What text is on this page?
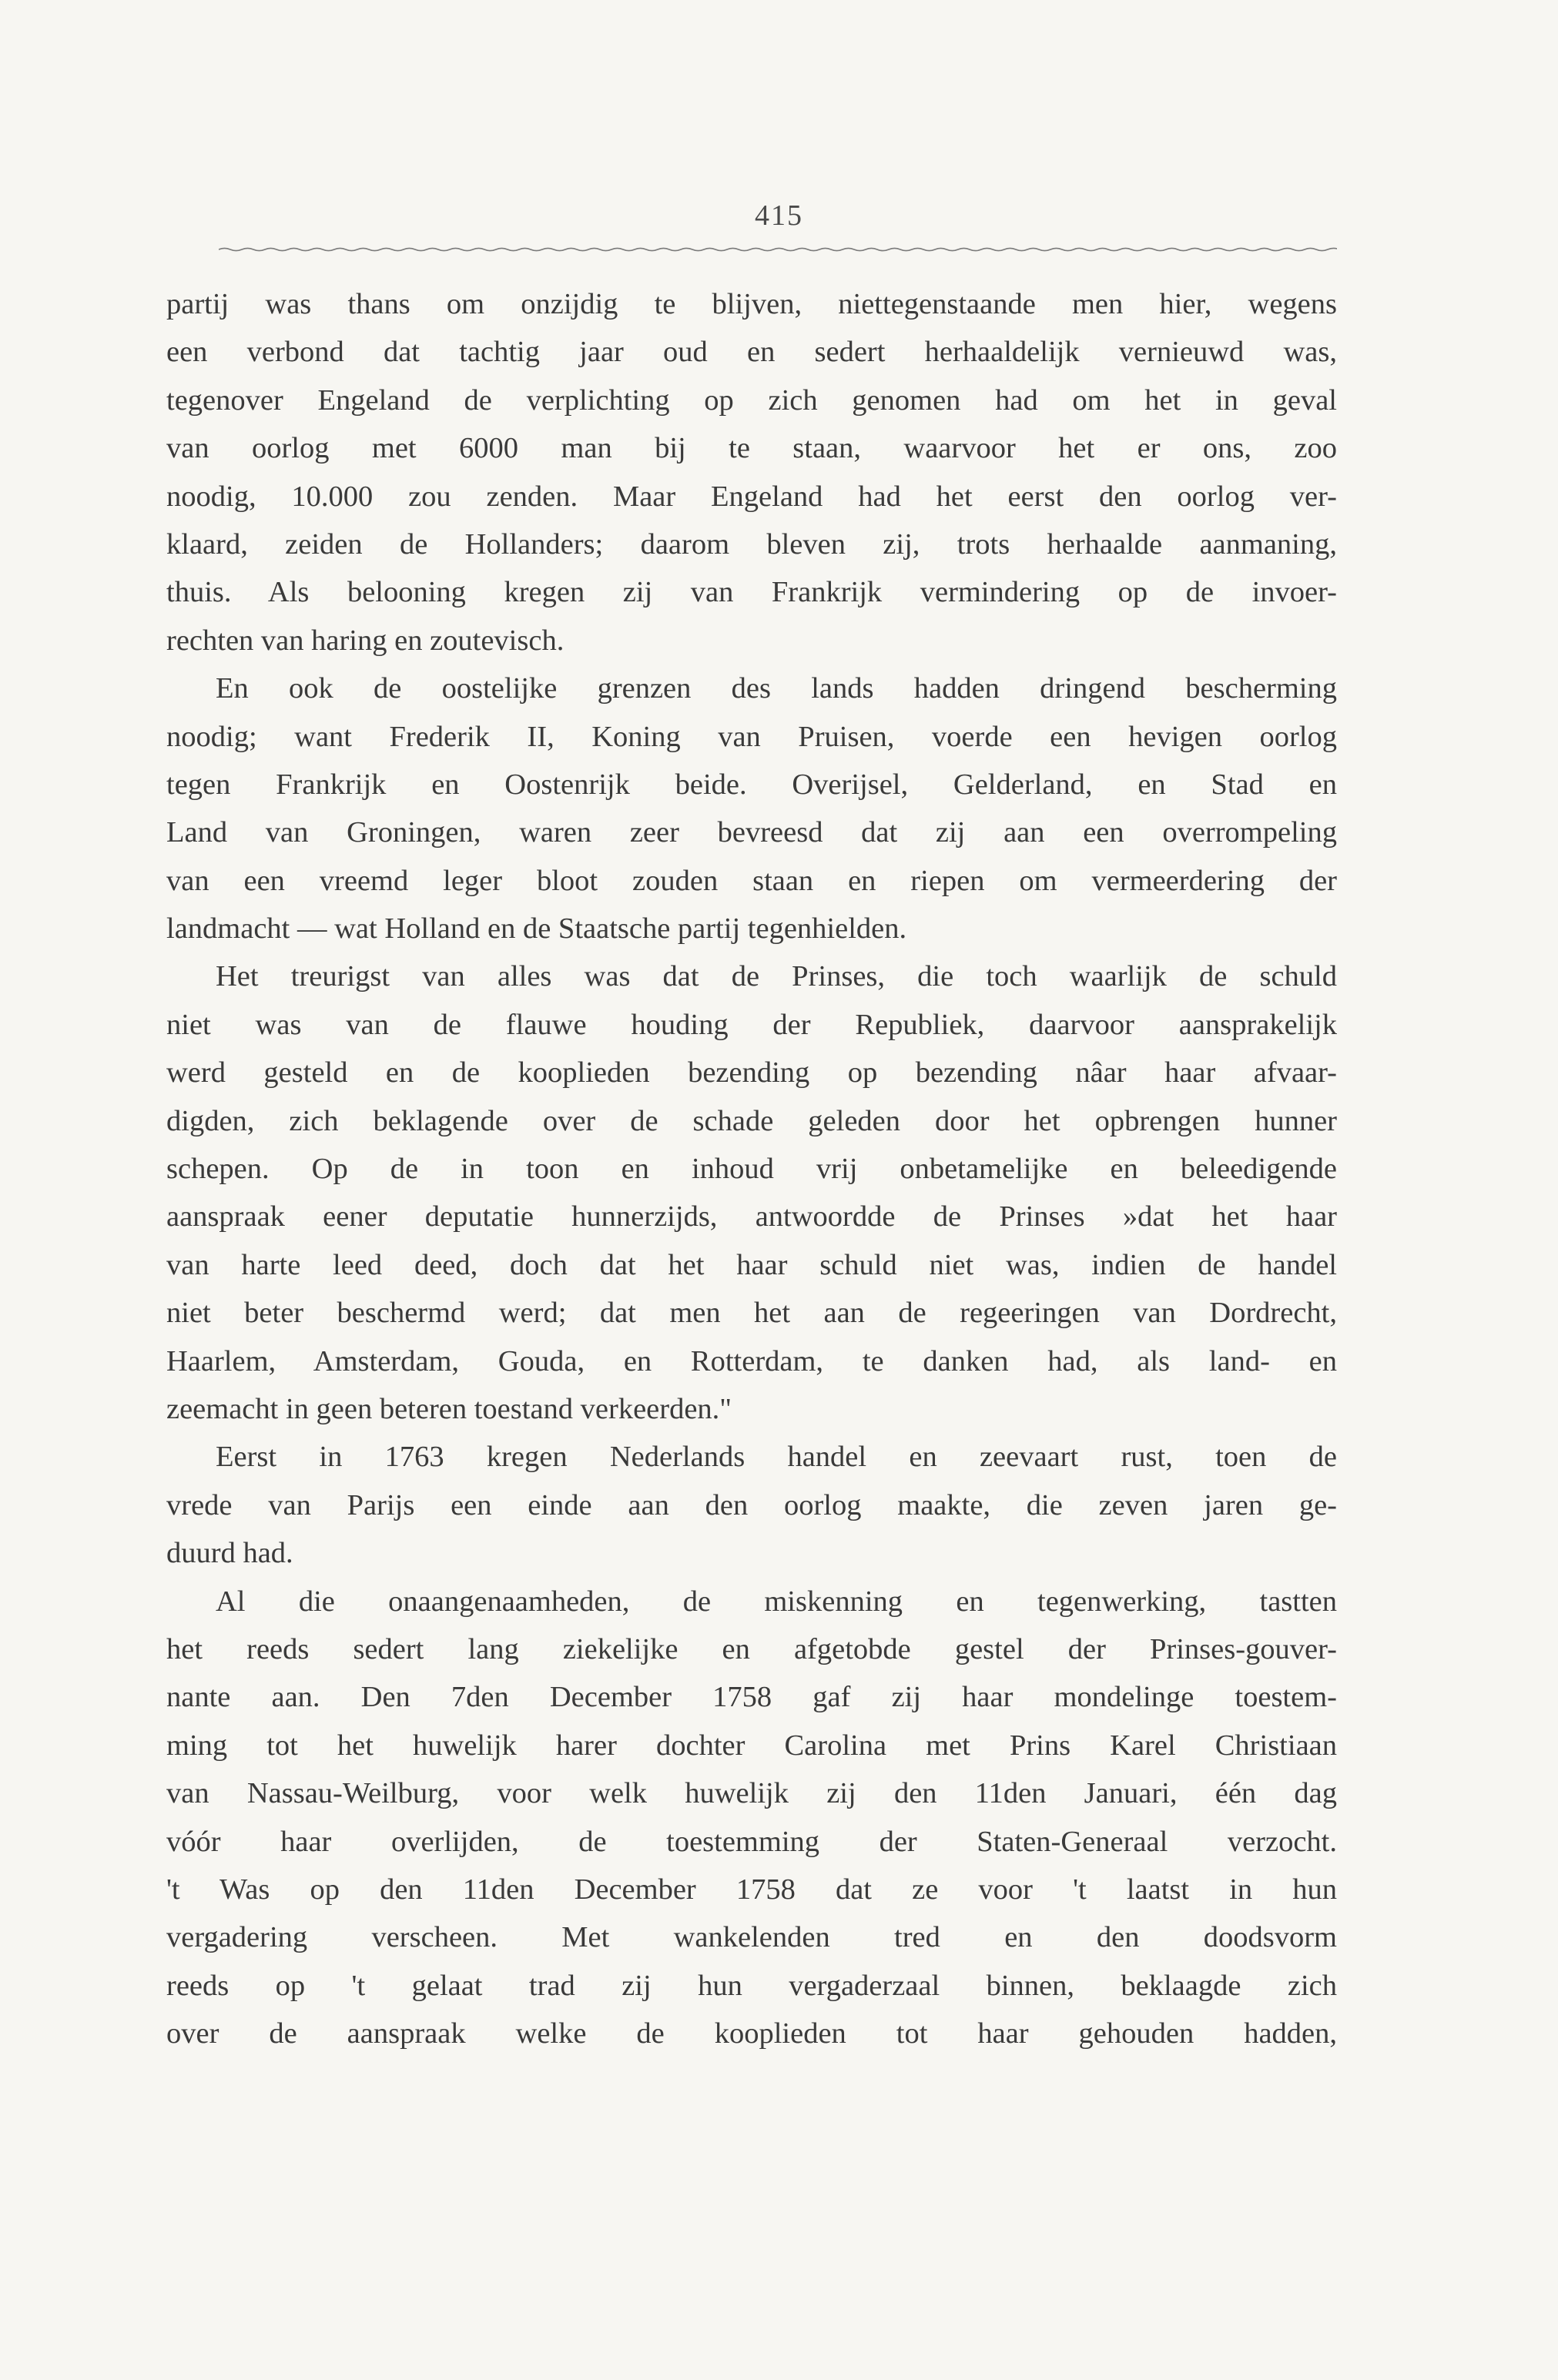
415
partij was thans om onzijdig te blijven, niettegenstaande men hier, wegens
een verbond dat tachtig jaar oud en sedert herhaaldelijk vernieuwd was,
tegenover Engeland de verplichting op zich genomen had om het in geval
van oorlog met 6000 man bij te staan, waarvoor het er ons, zoo
noodig, 10.000 zou zenden. Maar Engeland had het eerst den oorlog ver-
klaard, zeiden de Hollanders; daarom bleven zij, trots herhaalde aanmaning,
thuis. Als belooning kregen zij van Frankrijk vermindering op de invoer-
rechten van haring en zoutevisch.
En ook de oostelijke grenzen des lands hadden dringend bescherming
noodig; want Frederik II, Koning van Pruisen, voerde een hevigen oorlog
tegen Frankrijk en Oostenrijk beide. Overijsel, Gelderland, en Stad en
Land van Groningen, waren zeer bevreesd dat zij aan een overrompeling
van een vreemd leger bloot zouden staan en riepen om vermeerdering der
landmacht — wat Holland en de Staatsche partij tegenhielden.
Het treurigst van alles was dat de Prinses, die toch waarlijk de schuld
niet was van de flauwe houding der Republiek, daarvoor aansprakelijk
werd gesteld en de kooplieden bezending op bezending nâar haar afvaar-
digden, zich beklagende over de schade geleden door het opbrengen hunner
schepen. Op de in toon en inhoud vrij onbetamelijke en beleedigende
aanspraak eener deputatie hunnerzijds, antwoordde de Prinses »dat het haar
van harte leed deed, doch dat het haar schuld niet was, indien de handel
niet beter beschermd werd; dat men het aan de regeeringen van Dordrecht,
Haarlem, Amsterdam, Gouda, en Rotterdam, te danken had, als land- en
zeemacht in geen beteren toestand verkeerden."
Eerst in 1763 kregen Nederlands handel en zeevaart rust, toen de
vrede van Parijs een einde aan den oorlog maakte, die zeven jaren ge-
duurd had.
Al die onaangenaamheden, de miskenning en tegenwerking, tastten
het reeds sedert lang ziekelijke en afgetobde gestel der Prinses-gouver-
nante aan. Den 7den December 1758 gaf zij haar mondelinge toestem-
ming tot het huwelijk harer dochter Carolina met Prins Karel Christiaan
van Nassau-Weilburg, voor welk huwelijk zij den 11den Januari, één dag
vóór haar overlijden, de toestemming der Staten-Generaal verzocht.
't Was op den 11den December 1758 dat ze voor 't laatst in hun
vergadering verscheen. Met wankelenden tred en den doodsvorm
reeds op 't gelaat trad zij hun vergaderzaal binnen, beklaagde zich
over de aanspraak welke de kooplieden tot haar gehouden hadden,
